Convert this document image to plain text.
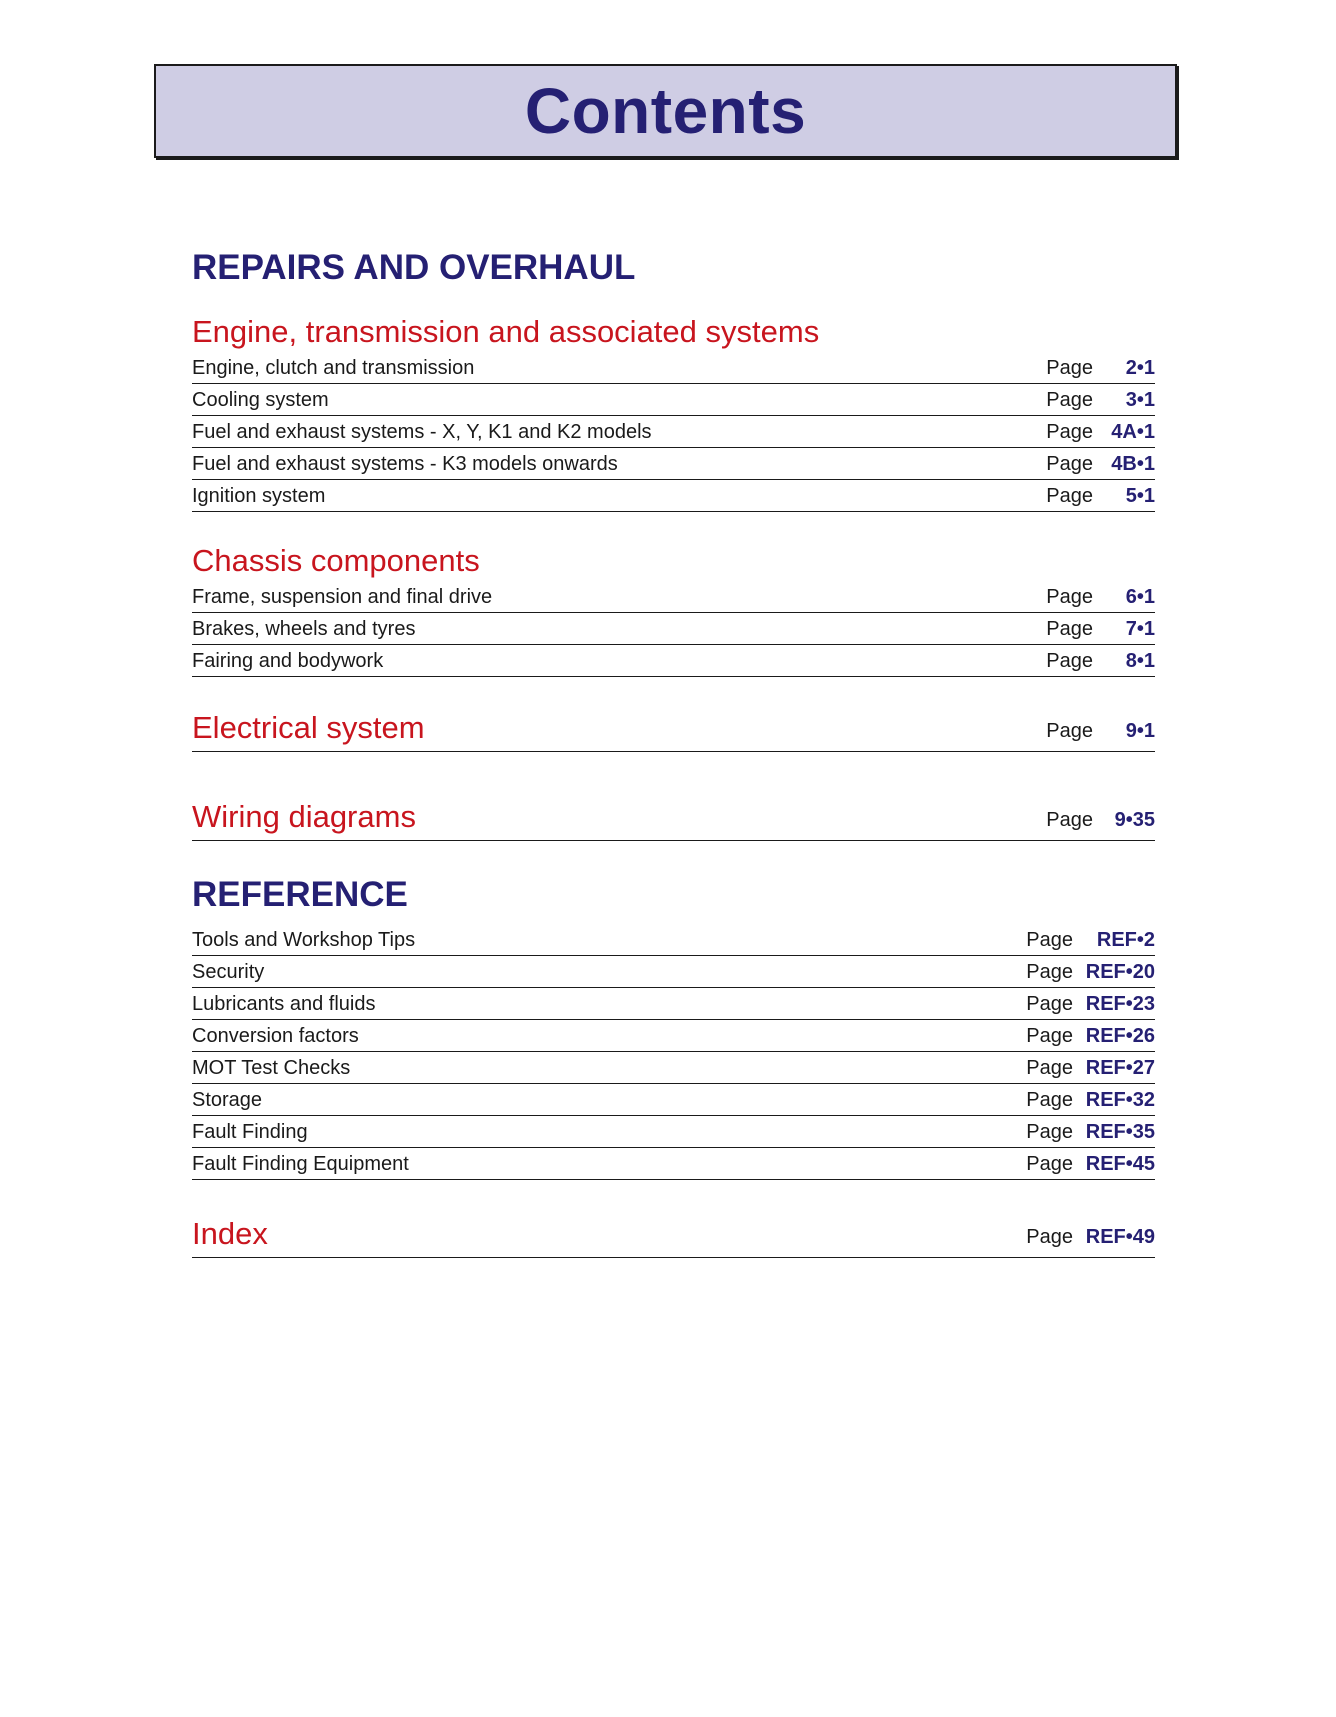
Contents
REPAIRS AND OVERHAUL
Engine, transmission and associated systems
Engine, clutch and transmission	Page	2•1
Cooling system	Page	3•1
Fuel and exhaust systems - X, Y, K1 and K2 models	Page 4A•1
Fuel and exhaust systems - K3 models onwards	Page 4B•1
Ignition system	Page	5•1
Chassis components
Frame, suspension and final drive	Page	6•1
Brakes, wheels and tyres	Page	7•1
Fairing and bodywork	Page	8•1
Electrical system	Page	9•1
Wiring diagrams	Page	9•35
REFERENCE
Tools and Workshop Tips	Page	REF•2
Security	Page REF•20
Lubricants and fluids	Page REF•23
Conversion factors	Page REF•26
MOT Test Checks	Page REF•27
Storage	Page REF•32
Fault Finding	Page REF•35
Fault Finding Equipment	Page REF•45
Index	Page REF•49
